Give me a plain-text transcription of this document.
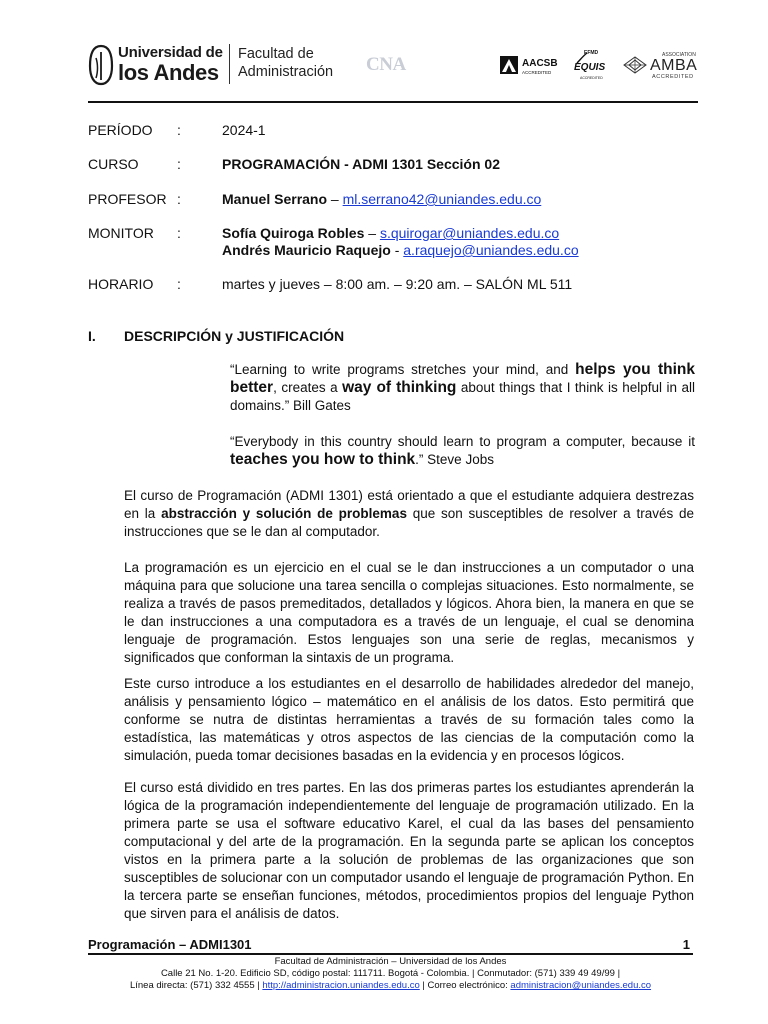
Universidad de
los Andes
Facultad de
Administración CNA	AACSB
ACCREDITED
EFMD
EQUIS
ACCREDITED
ASSOCIATION
AMBA
ACCREDITED
PERÍODO :	2024-1
CURSO	:	PROGRAMACIÓN - ADMI 1301 Sección 02
PROFESOR :	Manuel Serrano – ml.serrano42@uniandes.edu.co
MONITOR :	Sofía Quiroga Robles – s.quirogar@uniandes.edu.co
Andrés Mauricio Raquejo - a.raquejo@uniandes.edu.co
HORARIO :	martes y jueves – 8:00 am. – 9:20 am. – SALÓN ML 511
I. DESCRIPCIÓN y JUSTIFICACIÓN

“Learning to write programs stretches your mind, and helps you think better, creates a way of thinking about things that I think is helpful in all domains.” Bill Gates

“Everybody in this country should learn to program a computer, because it teaches you how to think.” Steve Jobs

El curso de Programación (ADMI 1301) está orientado a que el estudiante adquiera destrezas en la abstracción y solución de problemas que son susceptibles de resolver a través de instrucciones que se le dan al computador.

La programación es un ejercicio en el cual se le dan instrucciones a un computador o una máquina para que solucione una tarea sencilla o complejas situaciones. Esto normalmente, se realiza a través de pasos premeditados, detallados y lógicos. Ahora bien, la manera en que se le dan instrucciones a una computadora es a través de un lenguaje, el cual se denomina lenguaje de programación. Estos lenguajes son una serie de reglas, mecanismos y significados que conforman la sintaxis de un programa.

Este curso introduce a los estudiantes en el desarrollo de habilidades alrededor del manejo, análisis y pensamiento lógico – matemático en el análisis de los datos. Esto permitirá que conforme se nutra de distintas herramientas a través de su formación tales como la estadística, las matemáticas y otros aspectos de las ciencias de la computación como la simulación, pueda tomar decisiones basadas en la evidencia y en procesos lógicos.

El curso está dividido en tres partes. En las dos primeras partes los estudiantes aprenderán la lógica de la programación independientemente del lenguaje de programación utilizado. En la primera parte se usa el software educativo Karel, el cual da las bases del pensamiento computacional y del arte de la programación. En la segunda parte se aplican los conceptos vistos en la primera parte a la solución de problemas de las organizaciones que son susceptibles de solucionar con un computador usando el lenguaje de programación Python. En la tercera parte se enseñan funciones, métodos, procedimientos propios del lenguaje Python que sirven para el análisis de datos.

Programación – ADMI1301	1
Facultad de Administración – Universidad de los Andes
Calle 21 No. 1-20. Edificio SD, código postal: 111711. Bogotá - Colombia. | Conmutador: (571) 339 49 49/99 |
Línea directa: (571) 332 4555 | http://administracion.uniandes.edu.co | Correo electrónico: administracion@uniandes.edu.co
